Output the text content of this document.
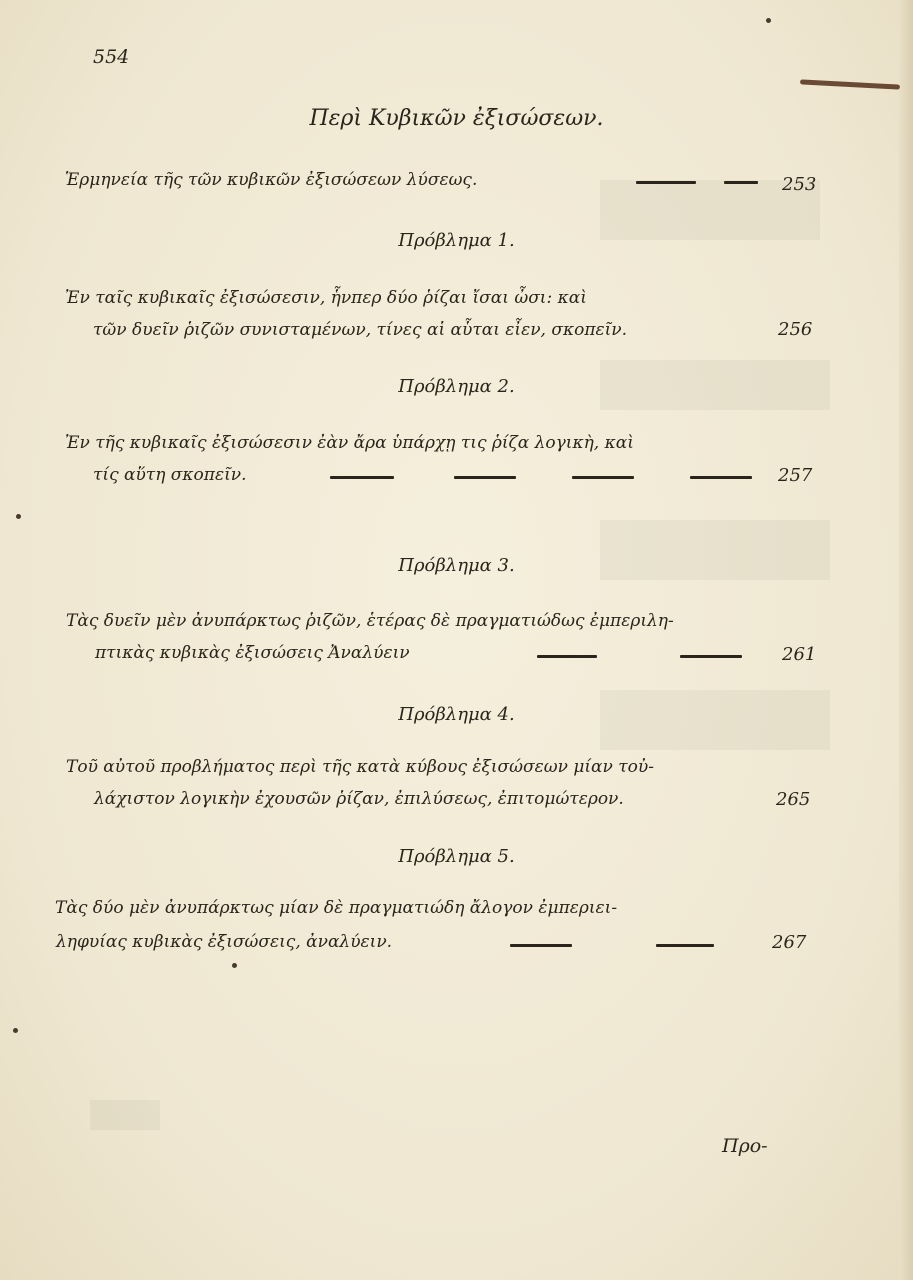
554
Περὶ Κυβικῶν ἐξισώσεων.
Ἑρμηνεία τῆς τῶν κυβικῶν ἐξισώσεων λύσεως.	253
Πρόβλημα 1.
Ἐν ταῖς κυβικαῖς ἐξισώσεσιν, ἧνπερ δύο ῥίζαι ἴσαι ὦσι: καὶ
τῶν δυεῖν ῥιζῶν συνισταμένων, τίνες αἱ αὗται εἶεν, σκοπεῖν.	256
Πρόβλημα 2.
Ἐν τῆς κυβικαῖς ἐξισώσεσιν ἐὰν ἄρα ὑπάρχῃ τις ῥίζα λογικὴ, καὶ
τίς αὕτη σκοπεῖν.	257
Πρόβλημα 3.
Τὰς δυεῖν μὲν ἀνυπάρκτως ῥιζῶν, ἑτέρας δὲ πραγματιώδως ἐμπεριλη-
πτικὰς κυβικὰς ἐξισώσεις Ἀναλύειν	261
Πρόβλημα 4.
Τοῦ αὐτοῦ προβλήματος περὶ τῆς κατὰ κύβους ἐξισώσεων μίαν τοὐ-
λάχιστον λογικὴν ἐχουσῶν ῥίζαν, ἐπιλύσεως, ἐπιτομώτερον.	265
Πρόβλημα 5.
Τὰς δύο μὲν ἀνυπάρκτως μίαν δὲ πραγματιώδη ἄλογον ἐμπεριει-
ληφυίας κυβικὰς ἐξισώσεις, ἀναλύειν.	267
Προ-
